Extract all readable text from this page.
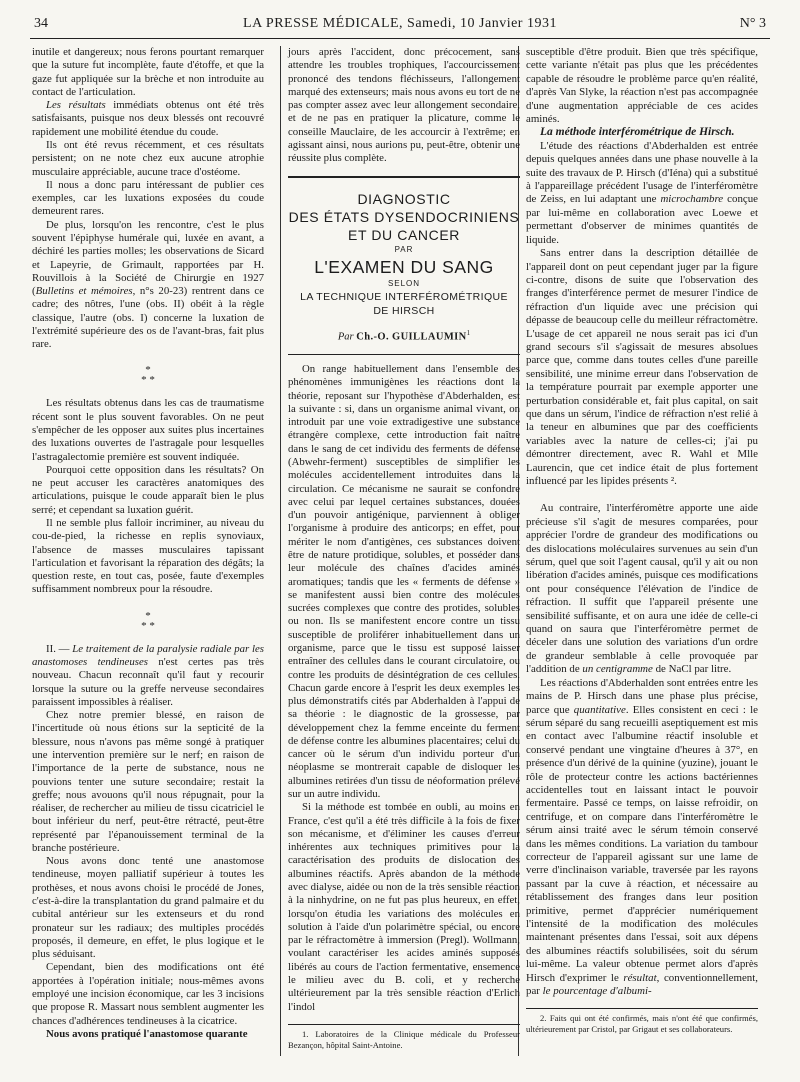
34	LA PRESSE MÉDICALE, Samedi, 10 Janvier 1931	N° 3

inutile et dangereux; nous ferons pourtant remarquer que la suture fut incomplète, faute d'étoffe, et que la gaze fut appliquée sur la brèche et non introduite au contact de l'articulation.

Les résultats immédiats obtenus ont été très satisfaisants, puisque nos deux blessés ont recouvré rapidement une mobilité étendue du coude.

Ils ont été revus récemment, et ces résultats persistent; on ne note chez eux aucune atrophie musculaire appréciable, aucune trace d'ostéome.

Il nous a donc paru intéressant de publier ces exemples, car les luxations exposées du coude demeurent rares.

De plus, lorsqu'on les rencontre, c'est le plus souvent l'épiphyse humérale qui, luxée en avant, a déchiré les parties molles; les observations de Sicard et Lapeyrie, de Grimault, rapportées par H. Rouvillois à la Société de Chirurgie en 1927 (Bulletins et mémoires, n°s 20-23) rentrent dans ce cadre; des nôtres, l'une (obs. II) obéit à la règle classique, l'autre (obs. I) concerne la luxation de l'extrémité supérieure des os de l'avant-bras, fait plus rare.

*
* *

Les résultats obtenus dans les cas de traumatisme récent sont le plus souvent favorables. On ne peut s'empêcher de les opposer aux suites plus incertaines des luxations ouvertes de l'astragale pour lesquelles l'astragalectomie première est souvent indiquée.

Pourquoi cette opposition dans les résultats? On ne peut accuser les caractères anatomiques des articulations, puisque le coude apparaît bien le plus serré; et cependant sa luxation guérit.

Il ne semble plus falloir incriminer, au niveau du cou-de-pied, la richesse en replis synoviaux, l'absence de masses musculaires tapissant l'articulation et favorisant la réparation des dégâts; la question reste, en tout cas, posée, faute d'exemples suffisamment nombreux pour la résoudre.

*
* *

II. — Le traitement de la paralysie radiale par les anastomoses tendineuses n'est certes pas très nouveau. Chacun reconnaît qu'il faut y recourir lorsque la suture ou la greffe nerveuse secondaires paraissent impossibles à réaliser.

Chez notre premier blessé, en raison de l'incertitude où nous étions sur la septicité de la blessure, nous n'avons pas même songé à pratiquer une intervention première sur le nerf; en raison de l'importance de la perte de substance, nous ne pouvions tenter une suture secondaire; restait la greffe; nous avouons qu'il nous répugnait, pour la réaliser, de rechercher au milieu de tissu cicatriciel le bout inférieur du nerf, peut-être rétracté, peut-être représenté par l'épanouissement terminal de la branche postérieure.

Nous avons donc tenté une anastomose tendineuse, moyen palliatif supérieur à toutes les prothèses, et nous avons choisi le procédé de Jones, c'est-à-dire la transplantation du grand palmaire et du cubital antérieur sur les extenseurs et du rond pronateur sur les radiaux; des multiples procédés proposés, il demeure, en effet, le plus logique et le plus séduisant.

Cependant, bien des modifications ont été apportées à l'opération initiale; nous-mêmes avons employé une incision économique, car les 3 incisions que propose R. Massart nous semblent augmenter les chances d'adhérences tendineuses à la cicatrice.

Nous avons pratiqué l'anastomose quarante

jours après l'accident, donc précocement, sans attendre les troubles trophiques, l'accourcissement prononcé des tendons fléchisseurs, l'allongement marqué des extenseurs; mais nous avons eu tort de ne pas compter assez avec leur allongement secondaire, et de ne pas en pratiquer la plicature, comme le conseille Mauclaire, de les accourcir à l'extrême; en agissant ainsi, nous aurions pu, peut-être, obtenir une réussite plus complète.

DIAGNOSTIC
DES ÉTATS DYSENDOCRINIENS
ET DU CANCER
PAR
L'EXAMEN DU SANG
SELON
LA TECHNIQUE INTERFÉROMÉTRIQUE
DE HIRSCH
Par Ch.-O. GUILLAUMIN$^1$

On range habituellement dans l'ensemble des phénomènes immunigènes les réactions dont la théorie, reposant sur l'hypothèse d'Abderhalden, est la suivante : si, dans un organisme animal vivant, on introduit par une voie extradigestive une substance étrangère complexe, cette introduction fait naître dans le sang de cet individu des ferments de défense (Abwehr-ferment) susceptibles de simplifier les molécules accidentellement introduites dans la circulation. Ce mécanisme ne saurait se confondre avec celui par lequel certaines substances, douées d'un pouvoir antigénique, parviennent à obliger l'organisme à produire des anticorps; en effet, pour mériter le nom d'antigènes, ces substances doivent être de nature protidique, solubles, et posséder dans leur molécule des chaînes d'acides aminés aromatiques; tandis que les « ferments de défense » se manifestent aussi bien contre des molécules sucrées complexes que contre des protides, solubles ou non. Ils se manifestent encore contre un tissu susceptible de proliférer inhabituellement dans un organisme, parce que le tissu est supposé laisser entraîner des cellules dans le courant circulatoire, ou contre les produits de désintégration de ces cellules. Chacun garde encore à l'esprit les deux exemples les plus démonstratifs cités par Abderhalden à l'appui de sa théorie : le diagnostic de la grossesse, par développement chez la femme enceinte du ferment de défense contre les albumines placentaires; celui du cancer où le sérum d'un individu porteur d'un néoplasme se montrerait capable de disloquer les albumines retirées d'un tissu de néoformation prélevé sur un autre individu.

Si la méthode est tombée en oubli, au moins en France, c'est qu'il a été très difficile à la fois de fixer son mécanisme, et d'éliminer les causes d'erreur inhérentes aux techniques primitives pour la caractérisation des produits de dislocation des albumines réactifs. Après abandon de la méthode avec dialyse, aidée ou non de la très sensible réaction à la ninhydrine, on ne fut pas plus heureux, en effet, lorsqu'on étudia les variations des molécules en solution à l'aide d'un polarimètre spécial, ou encore par le réfractomètre à immersion (Pregl). Wollmann, voulant caractériser les acides aminés supposés libérés au cours de l'action fermentative, ensemence le milieu avec du B. coli, et y recherche ultérieurement par la très sensible réaction d'Erlich l'indol

1. Laboratoires de la Clinique médicale du Professeur Bezançon, hôpital Saint-Antoine.

susceptible d'être produit. Bien que très spécifique, cette variante n'était pas plus que les précédentes capable de résoudre le problème parce qu'en réalité, d'après Van Slyke, la réaction n'est pas accompagnée d'une augmentation appréciable de ces acides aminés.

La méthode interférométrique de Hirsch.

L'étude des réactions d'Abderhalden est entrée depuis quelques années dans une phase nouvelle à la suite des travaux de P. Hirsch (d'Iéna) qui a substitué à l'appareillage précédent l'usage de l'interféromètre de Zeiss, en lui adaptant une microchambre conçue par lui-même en collaboration avec Loewe et permettant d'observer de minimes quantités de liquide.

Sans entrer dans la description détaillée de l'appareil dont on peut cependant juger par la figure ci-contre, disons de suite que l'observation des franges d'interférence permet de mesurer l'indice de réfraction d'un liquide avec une précision qui dépasse de beaucoup celle du meilleur réfractomètre. L'usage de cet appareil ne nous serait pas ici d'un grand secours s'il s'agissait de mesures absolues parce que, comme dans toutes celles d'une pareille sensibilité, une minime erreur dans l'observation de la température pourrait par exemple apporter une perturbation considérable et, fait plus capital, on sait que dans un sérum, l'indice de réfraction n'est relié à la teneur en albumines que par des coefficients variables avec la nature de celles-ci; j'ai pu démontrer directement, avec R. Wahl et Mlle Laurencin, que cet indice était de plus fortement influencé par les lipides présents ².

Au contraire, l'interféromètre apporte une aide précieuse s'il s'agit de mesures comparées, pour apprécier l'ordre de grandeur des modifications ou des dislocations moléculaires survenues au sein d'un sérum, quel que soit l'agent causal, qu'il y ait ou non libération d'acides aminés, puisque ces modifications ont pour conséquence l'élévation de l'indice de réfraction. Il suffit que l'appareil présente une sensibilité suffisante, et on aura une idée de celle-ci quand on saura que l'interféromètre permet de déceler dans une solution des variations d'un ordre de grandeur semblable à celle provoquée par l'addition de un centigramme de NaCl par litre.

Les réactions d'Abderhalden sont entrées entre les mains de P. Hirsch dans une phase plus précise, parce que quantitative. Elles consistent en ceci : le sérum séparé du sang recueilli aseptiquement est mis en contact avec l'albumine réactif insoluble et conservé pendant une vingtaine d'heures à 37°, en présence d'un dérivé de la quinine (yuzine), jouant le rôle de protecteur contre les actions bactériennes accidentelles tout en laissant intact le pouvoir fermentaire. Passé ce temps, on laisse refroidir, on centrifuge, et on compare dans l'interféromètre le sérum ainsi traité avec le sérum témoin conservé dans les mêmes conditions. La variation du tambour correcteur de l'appareil agissant sur une lame de verre d'inclinaison variable, traversée par les rayons passant par la cuve à réaction, et nécessaire au rétablissement des franges dans leur position primitive, permet d'apprécier numériquement l'intensité de la modification des molécules maintenant présentes dans l'essai, soit aux dépens des albumines réactifs solubilisées, soit du sérum lui-même. La valeur obtenue permet alors d'après Hirsch d'exprimer le résultat, conventionnellement, par le pourcentage d'albumi-

2. Faits qui ont été confirmés, mais n'ont été que confirmés, ultérieurement par Cristol, par Grigaut et ses collaborateurs.
